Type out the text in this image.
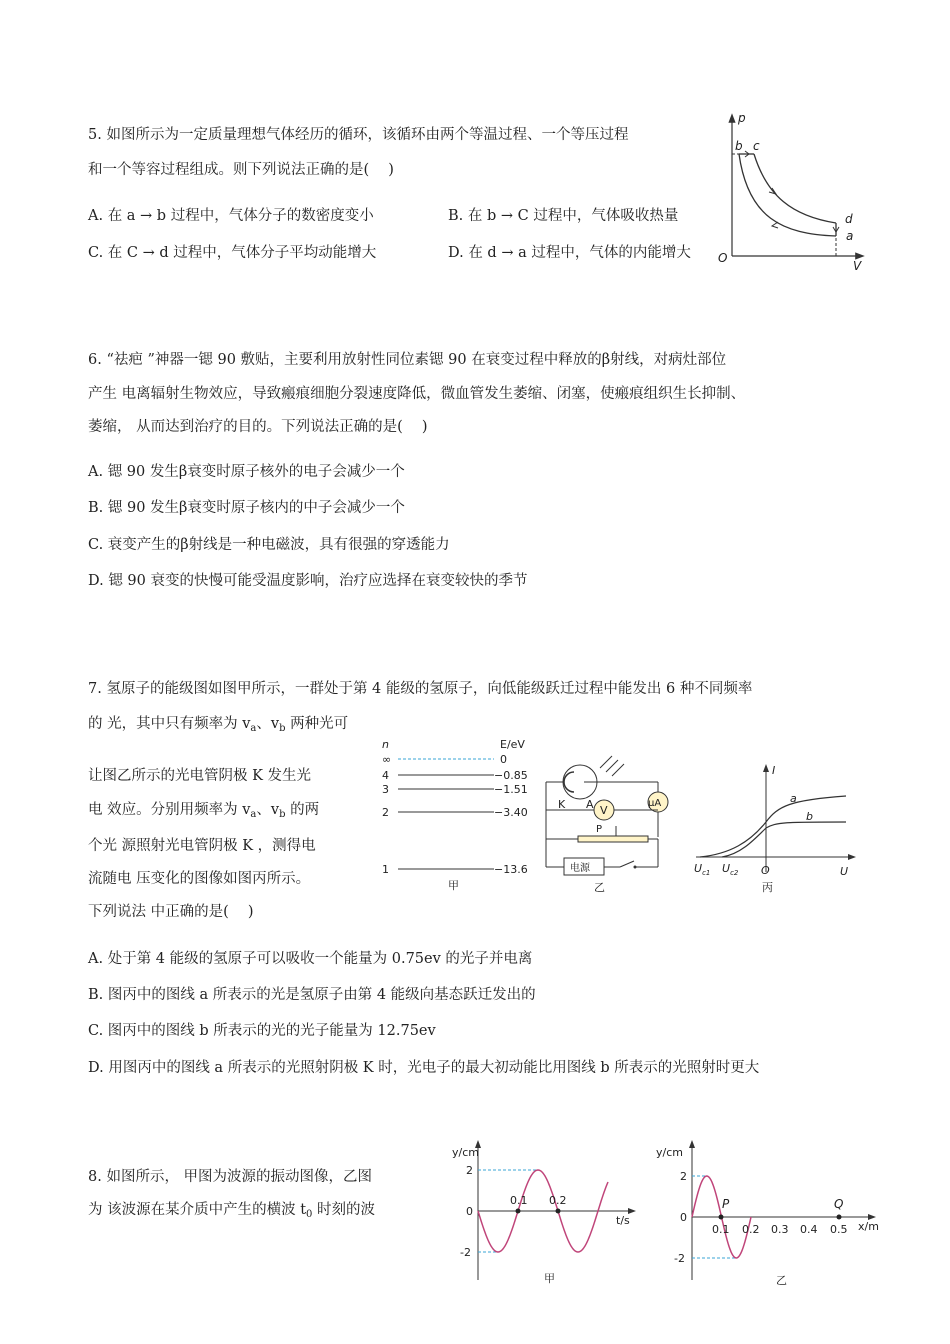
5. 如图所示为一定质量理想气体经历的循环，该循环由两个等温过程、一个等压过程
和一个等容过程组成。则下列说法正确的是(　 )
A. 在 a → b 过程中，气体分子的数密度变小	B. 在 b → C 过程中，气体吸收热量
C. 在 C → d 过程中，气体分子平均动能增大	D. 在 d → a 过程中，气体的内能增大
p
V
O
b c
d
a
6. “祛疤 ”神器一锶 90 敷贴，主要利用放射性同位素锶 90 在衰变过程中释放的β射线，对病灶部位
产生 电离辐射生物效应，导致瘢痕细胞分裂速度降低，微血管发生萎缩、闭塞，使瘢痕组织生长抑制、
萎缩， 从而达到治疗的目的。下列说法正确的是(　 )
A. 锶 90 发生β衰变时原子核外的电子会减少一个
B. 锶 90 发生β衰变时原子核内的中子会减少一个
C. 衰变产生的β射线是一种电磁波，具有很强的穿透能力
D. 锶 90 衰变的快慢可能受温度影响，治疗应选择在衰变较快的季节
7. 氢原子的能级图如图甲所示，一群处于第 4 能级的氢原子，向低能级跃迁过程中能发出 6 种不同频率
的 光，其中只有频率为 $v_a$、$v_b$ 两种光可
让图乙所示的光电管阴极 K 发生光
电 效应。分别用频率为 $v_a$、$v_b$ 的两
个光 源照射光电管阴极 K ，测得电
流随电 压变化的图像如图丙所示。
下列说法 中正确的是(　 )
n	E/eV
∞	0
4	−0.85
3	−1.51
2	−3.40
1	−13.6
甲
K A	μA
V
P
电源
乙
I
U
O
a
b
$U_{c1}$ $U_{c2}$
丙
A. 处于第 4 能级的氢原子可以吸收一个能量为 0.75ev 的光子并电离
B. 图丙中的图线 a 所表示的光是氢原子由第 4 能级向基态跃迁发出的
C. 图丙中的图线 b 所表示的光的光子能量为 12.75ev
D. 用图丙中的图线 a 所表示的光照射阴极 K 时，光电子的最大初动能比用图线 b 所表示的光照射时更大
8. 如图所示， 甲图为波源的振动图像，乙图
为 该波源在某介质中产生的横波 $t_0$ 时刻的波
y/cm
t/s
2
0
-2
0.1 0.2
甲
y/cm
x/m
2
0
-2
P	Q
0.1 0.2 0.3 0.4 0.5
乙
